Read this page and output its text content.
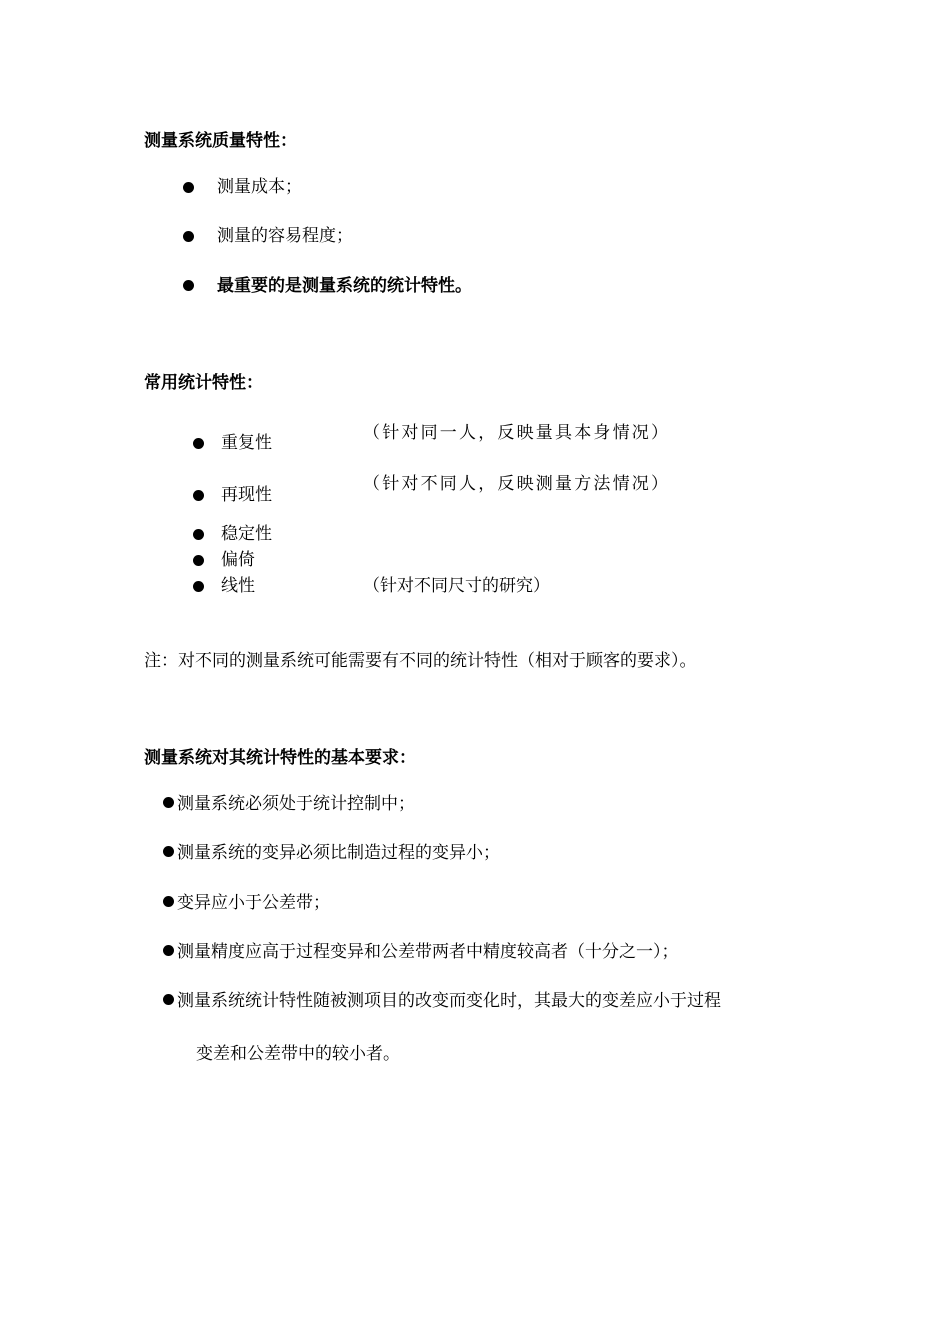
测量系统质量特性：
测量成本；
测量的容易程度；
最重要的是测量系统的统计特性。
常用统计特性：
重复性	（针对同一人，反映量具本身情况）
再现性
（针对不同人，反映测量方法情况）
稳定性
偏倚
线性	（针对不同尺寸的研究）
注：对不同的测量系统可能需要有不同的统计特性（相对于顾客的要求）。
测量系统对其统计特性的基本要求：
测量系统必须处于统计控制中；
测量系统的变异必须比制造过程的变异小；
变异应小于公差带；
测量精度应高于过程变异和公差带两者中精度较高者（十分之一）；
测量系统统计特性随被测项目的改变而变化时，其最大的变差应小于过程
变差和公差带中的较小者。
